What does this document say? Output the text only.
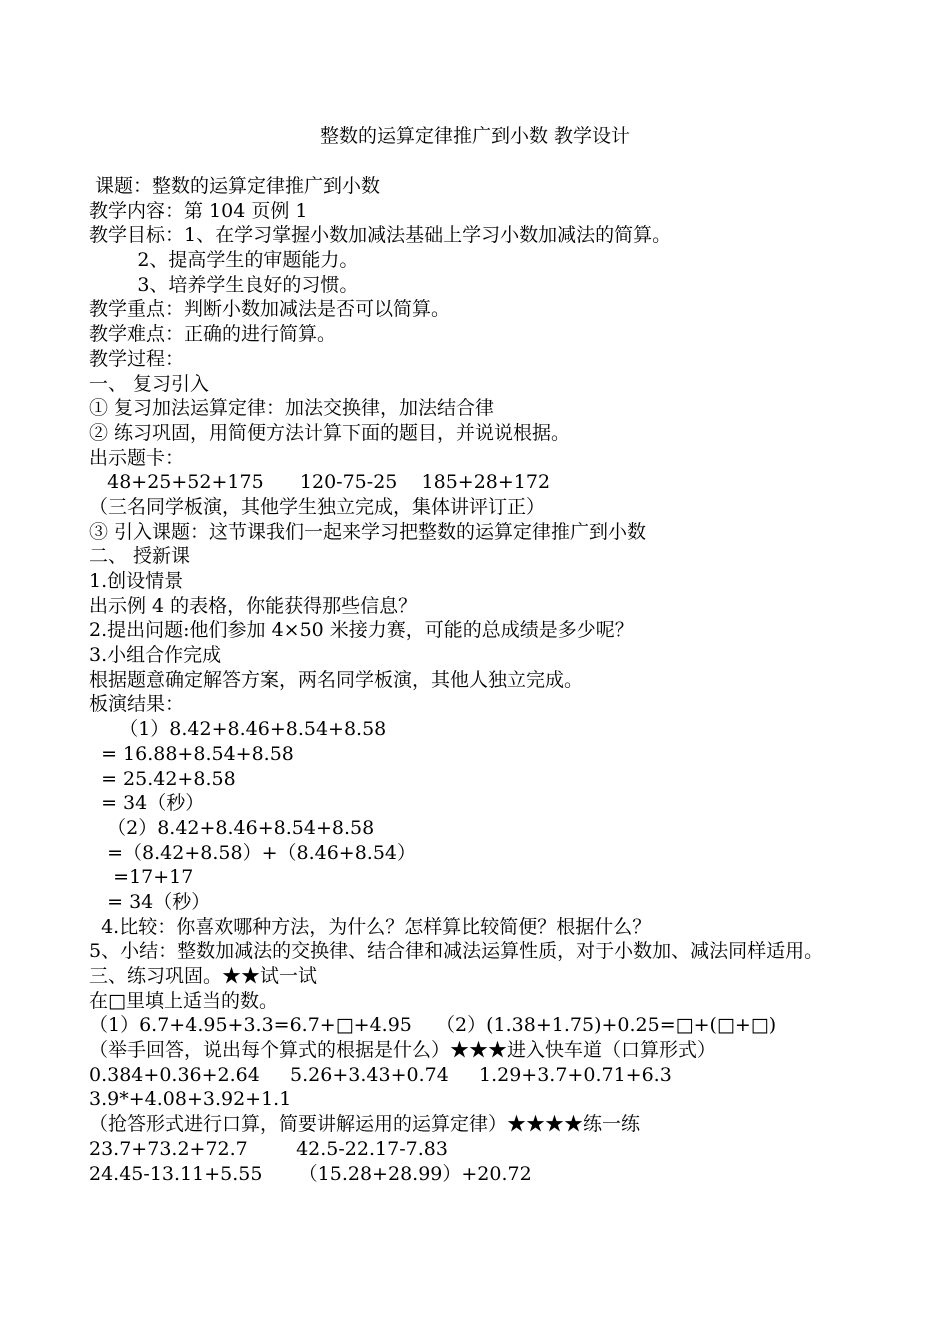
整数的运算定律推广到小数 教学设计
课题：整数的运算定律推广到小数
教学内容：第 104 页例 1
教学目标：1、在学习掌握小数加减法基础上学习小数加减法的简算。
2、提高学生的审题能力。
3、培养学生良好的习惯。
教学重点：判断小数加减法是否可以简算。
教学难点：正确的进行简算。
教学过程：
一、 复习引入
① 复习加法运算定律：加法交换律，加法结合律
② 练习巩固，用简便方法计算下面的题目，并说说根据。
出示题卡：
48+25+52+175      120-75-25    185+28+172
（三名同学板演，其他学生独立完成，集体讲评订正）
③ 引入课题：这节课我们一起来学习把整数的运算定律推广到小数
二、 授新课
1.创设情景
出示例 4 的表格，你能获得那些信息？
2.提出问题:他们参加 4×50 米接力赛，可能的总成绩是多少呢？
3.小组合作完成
根据题意确定解答方案，两名同学板演，其他人独立完成。
板演结果：
（1）8.42+8.46+8.54+8.58
= 16.88+8.54+8.58
= 25.42+8.58
= 34（秒）
（2）8.42+8.46+8.54+8.58
=（8.42+8.58）+（8.46+8.54）
=17+17
= 34（秒）
4.比较：你喜欢哪种方法，为什么？怎样算比较简便？根据什么？
5、小结：整数加减法的交换律、结合律和减法运算性质，对于小数加、减法同样适用。
三、练习巩固。★★试一试
在□里填上适当的数。
（1）6.7+4.95+3.3=6.7+□+4.95    （2）(1.38+1.75)+0.25=□+(□+□)
（举手回答，说出每个算式的根据是什么）★★★进入快车道（口算形式）
0.384+0.36+2.64     5.26+3.43+0.74     1.29+3.7+0.71+6.3
3.9*+4.08+3.92+1.1
（抢答形式进行口算，简要讲解运用的运算定律）★★★★练一练
23.7+73.2+72.7        42.5-22.17-7.83
24.45-13.11+5.55      （15.28+28.99）+20.72
